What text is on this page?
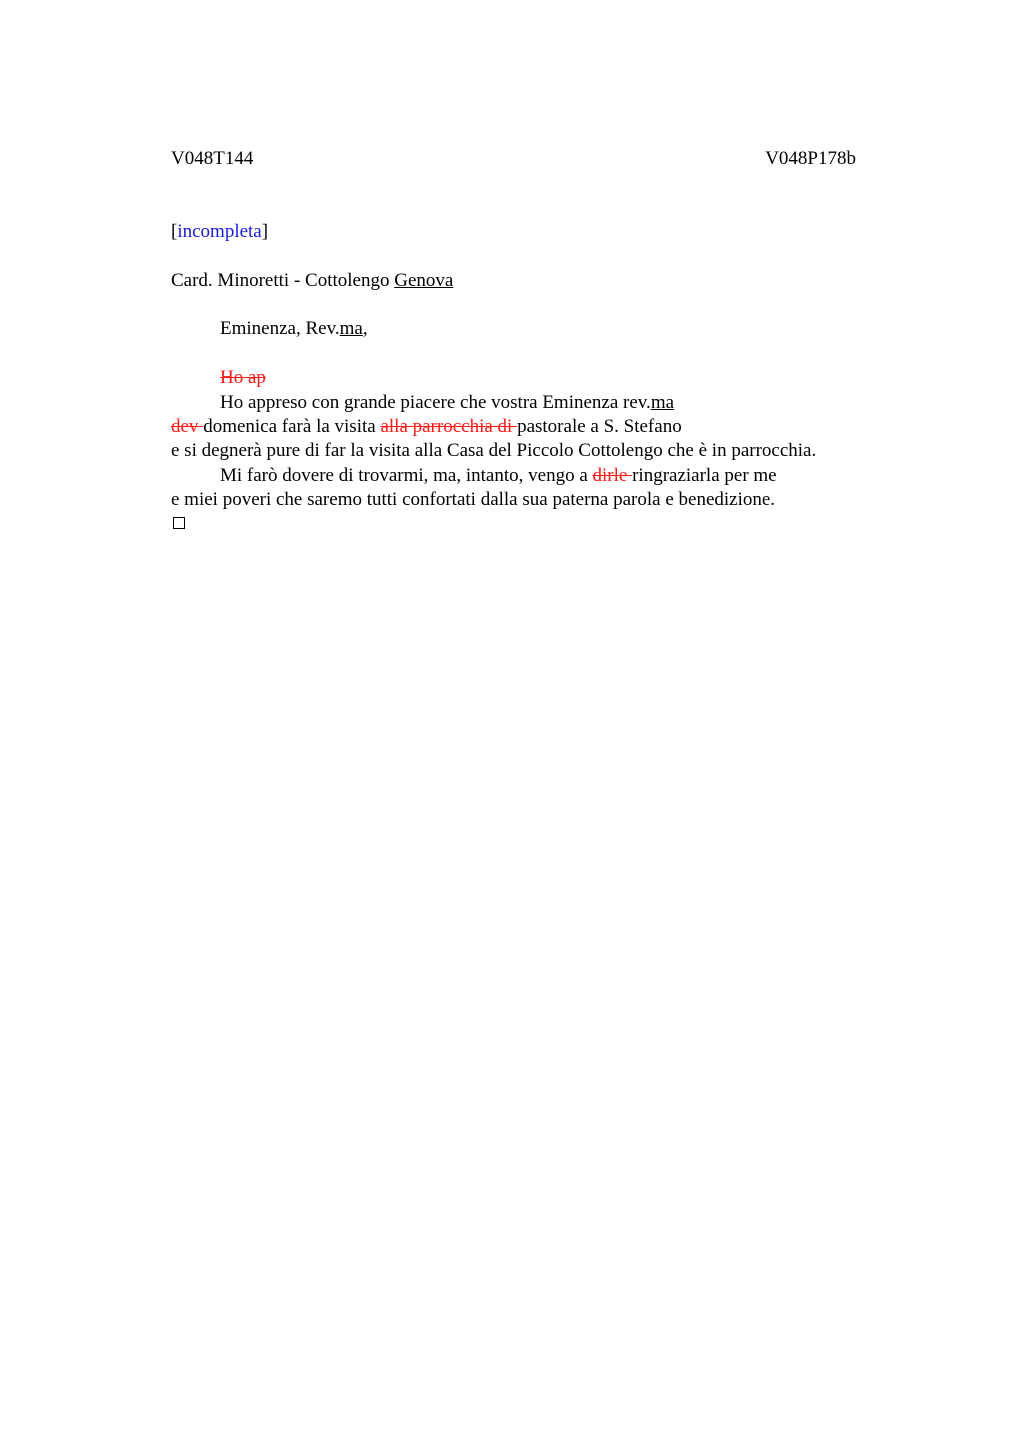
V048T144	V048P178b
[incompleta]
Card. Minoretti - Cottolengo Genova
Eminenza, Rev.ma,
Ho ap
Ho appreso con grande piacere che vostra Eminenza rev.ma
dev domenica farà la visita alla parrocchia di pastorale a S. Stefano
e si degnerà pure di far la visita alla Casa del Piccolo Cottolengo che è in parrocchia.
Mi farò dovere di trovarmi, ma, intanto, vengo a dirle ringraziarla per me
e miei poveri che saremo tutti confortati dalla sua paterna parola e benedizione.
